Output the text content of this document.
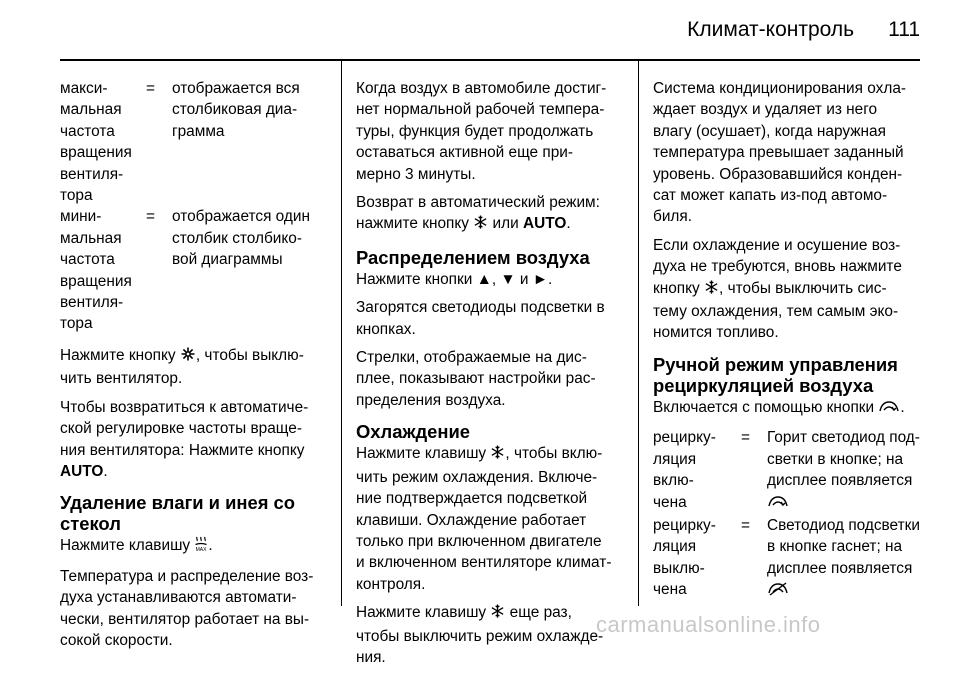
Климат-контроль 111
макси-
мальная
частота
вращения
вентиля-
тора
=	отображается вся
столбиковая диа-
грамма
мини-
мальная
частота
вращения
вентиля-
тора
=	отображается один
столбик столбико-
вой диаграммы

Нажмите кнопку , чтобы выклю-
чить вентилятор.

Чтобы возвратиться к автоматиче-
ской регулировке частоты враще-
ния вентилятора: Нажмите кнопку
AUTO.

Удаление влаги и инея со
стекол

Нажмите клавишу MAX .

Температура и распределение воз-
духа устанавливаются автомати-
чески, вентилятор работает на вы-
сокой скорости.

Когда воздух в автомобиле достиг-
нет нормальной рабочей темпера-
туры, функция будет продолжать
оставаться активной еще при-
мерно 3 минуты.

Возврат в автоматический режим:
нажмите кнопку  или AUTO.

Распределением воздуха

Нажмите кнопки ▲, ▼ и ►.

Загорятся светодиоды подсветки в
кнопках.

Стрелки, отображаемые на дис-
плее, показывают настройки рас-
пределения воздуха.

Охлаждение

Нажмите клавишу , чтобы вклю-
чить режим охлаждения. Включе-
ние подтверждается подсветкой
клавиши. Охлаждение работает
только при включенном двигателе
и включенном вентиляторе климат-
контроля.

Нажмите клавишу  еще раз,
чтобы выключить режим охлажде-
ния.

Система кондиционирования охла-
ждает воздух и удаляет из него
влагу (осушает), когда наружная
температура превышает заданный
уровень. Образовавшийся конден-
сат может капать из-под автомо-
биля.

Если охлаждение и осушение воз-
духа не требуются, вновь нажмите
кнопку , чтобы выключить сис-
тему охлаждения, тем самым эко-
номится топливо.

Ручной режим управления
рециркуляцией воздуха

Включается с помощью кнопки .

рецирку-
ляция
вклю-
чена
=	Горит светодиод под-
светки в кнопке; на
дисплее появляется

рецирку-
ляция
выклю-
чена
=	Светодиод подсветки
в кнопке гаснет; на
дисплее появляется

carmanualsonline.info
